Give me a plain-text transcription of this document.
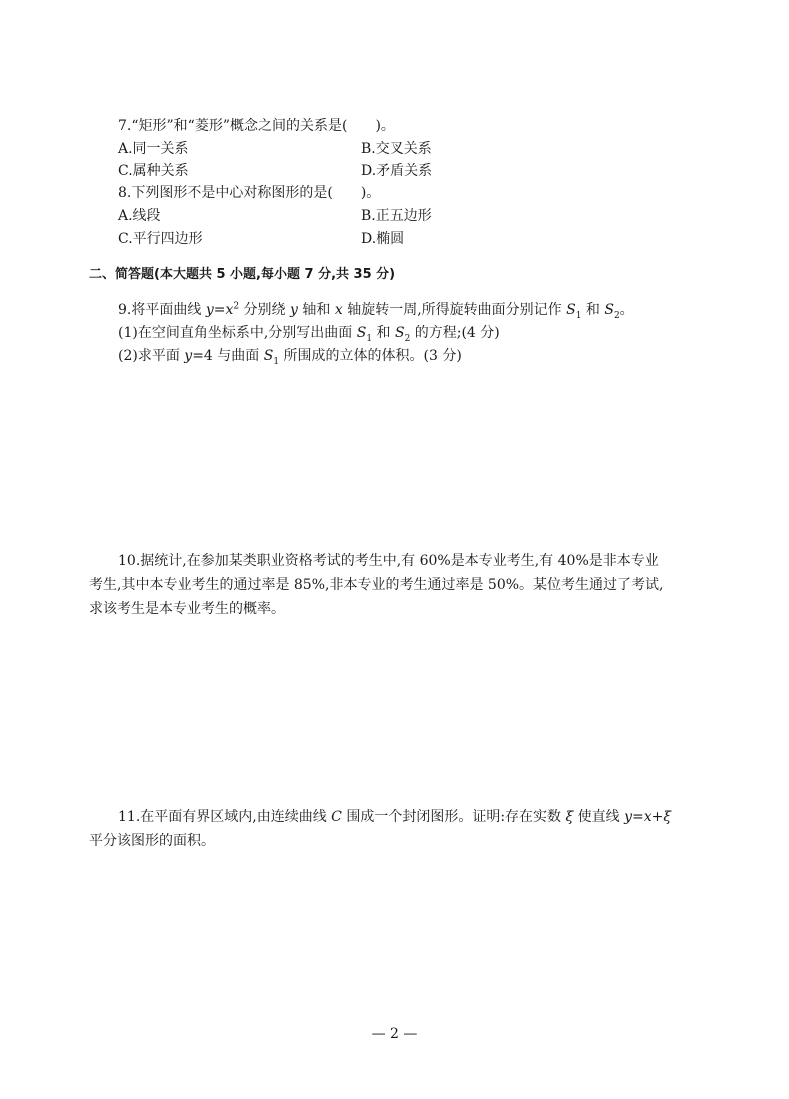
7.“矩形”和“菱形”概念之间的关系是(　　)。
A.同一关系	B.交叉关系
C.属种关系	D.矛盾关系
8.下列图形不是中心对称图形的是(　　)。
A.线段	B.正五边形
C.平行四边形	D.椭圆
二、简答题(本大题共 5 小题,每小题 7 分,共 35 分)
9.将平面曲线 $y=x^2$ 分别绕 y 轴和 x 轴旋转一周,所得旋转曲面分别记作 $S_1$ 和 $S_2$。
(1)在空间直角坐标系中,分别写出曲面 $S_1$ 和 $S_2$ 的方程;(4 分)
(2)求平面 y=4 与曲面 $S_1$ 所围成的立体的体积。(3 分)
10.据统计,在参加某类职业资格考试的考生中,有 60%是本专业考生,有 40%是非本专业
考生,其中本专业考生的通过率是 85%,非本专业的考生通过率是 50%。某位考生通过了考试,
求该考生是本专业考生的概率。
11.在平面有界区域内,由连续曲线 C 围成一个封闭图形。证明:存在实数 ξ 使直线 y=x+ξ
平分该图形的面积。
— 2 —
